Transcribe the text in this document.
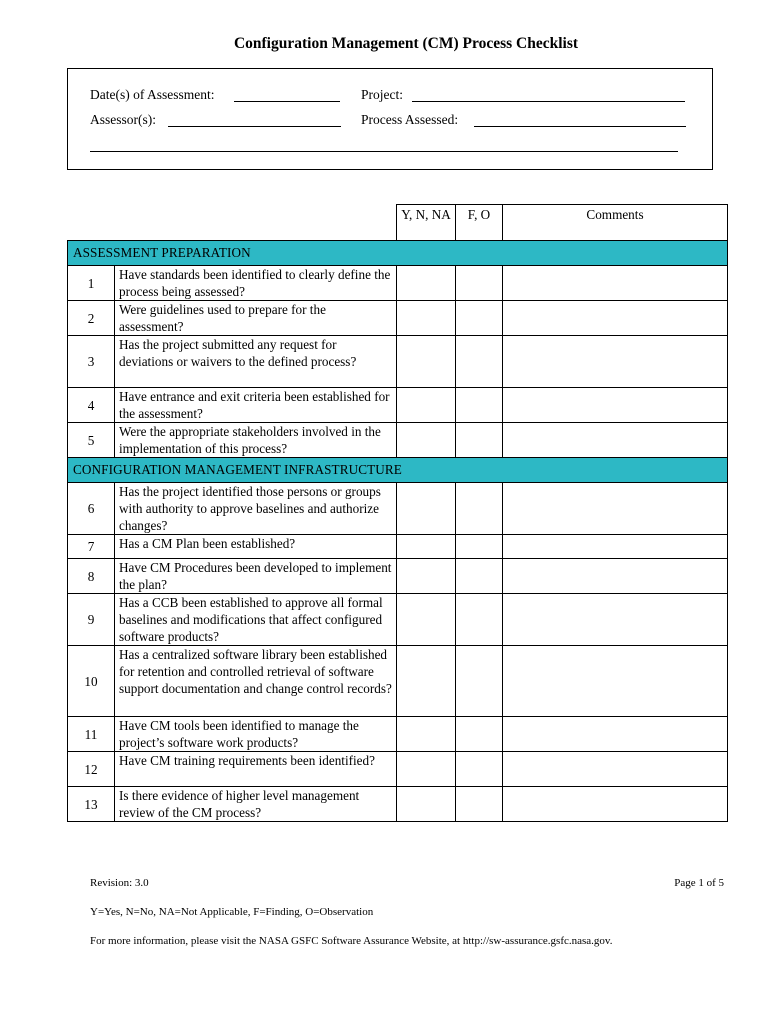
Configuration Management (CM) Process Checklist
Date(s) of Assessment:	Project:
Assessor(s):	Process Assessed:
		Y, N, NA	F, O	Comments
ASSESSMENT PREPARATION				
1	Have standards been identified to clearly define the process being assessed?			
2	Were guidelines used to prepare for the assessment?			
3	Has the project submitted any request for deviations or waivers to the defined process?			
4	Have entrance and exit criteria been established for the assessment?			
5	Were the appropriate stakeholders involved in the implementation of this process?			
CONFIGURATION MANAGEMENT INFRASTRUCTURE				
6	Has the project identified those persons or groups with authority to approve baselines and authorize changes?			
7	Has a CM Plan been established?			
8	Have CM Procedures been developed to implement the plan?			
9	Has a CCB been established to approve all formal baselines and modifications that affect configured software products?			
10	Has a centralized software library been established for retention and controlled retrieval of software support documentation and change control records?			
11	Have CM tools been identified to manage the project’s software work products?			
12	Have CM training requirements been identified?			
13	Is there evidence of higher level management review of the CM process?			
Revision: 3.0	Page 1 of 5
Y=Yes, N=No, NA=Not Applicable, F=Finding, O=Observation
For more information, please visit the NASA GSFC Software Assurance Website, at http://sw-assurance.gsfc.nasa.gov.
